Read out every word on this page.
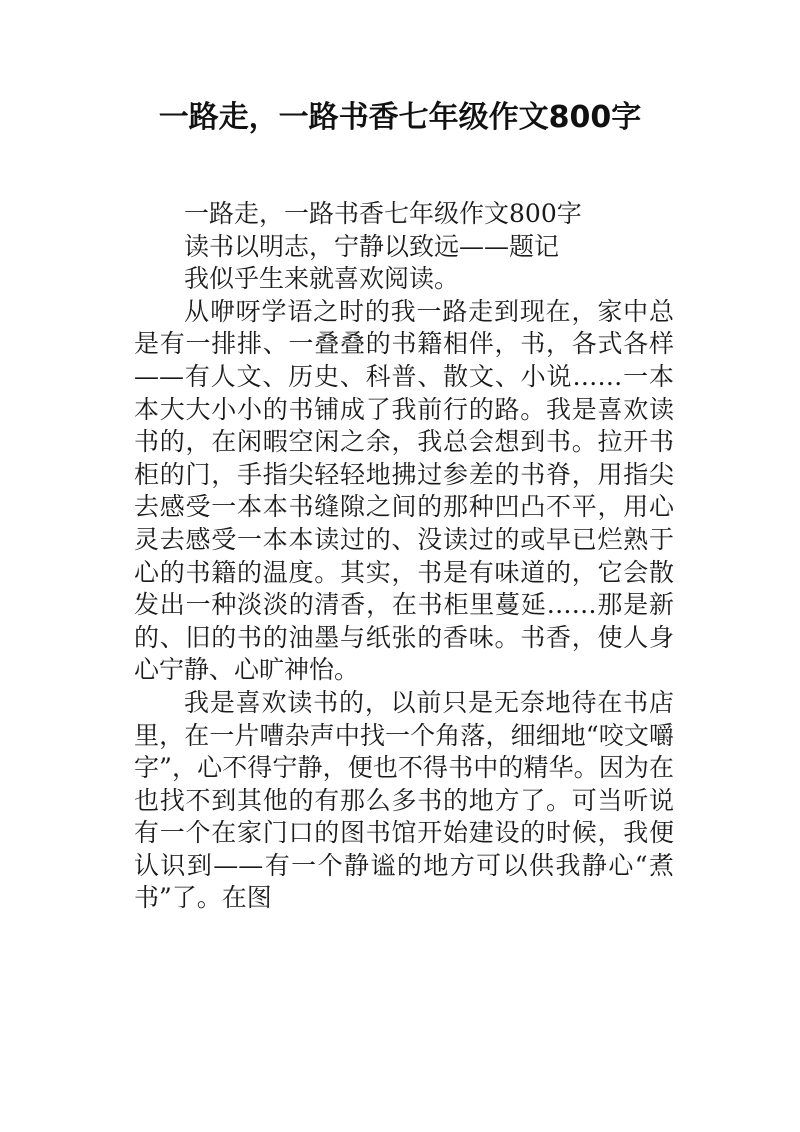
一路走，一路书香七年级作文800字

一路走，一路书香七年级作文800字

读书以明志，宁静以致远——题记

我似乎生来就喜欢阅读。

从咿呀学语之时的我一路走到现在，家中总是有一排排、一叠叠的书籍相伴，书，各式各样——有人文、历史、科普、散文、小说……一本本大大小小的书铺成了我前行的路。我是喜欢读书的，在闲暇空闲之余，我总会想到书。拉开书柜的门，手指尖轻轻地拂过参差的书脊，用指尖去感受一本本书缝隙之间的那种凹凸不平，用心灵去感受一本本读过的、没读过的或早已烂熟于心的书籍的温度。其实，书是有味道的，它会散发出一种淡淡的清香，在书柜里蔓延……那是新的、旧的书的油墨与纸张的香味。书香，使人身心宁静、心旷神怡。

我是喜欢读书的，以前只是无奈地待在书店里，在一片嘈杂声中找一个角落，细细地“咬文嚼字”，心不得宁静，便也不得书中的精华。因为在也找不到其他的有那么多书的地方了。可当听说有一个在家门口的图书馆开始建设的时候，我便认识到——有一个静谧的地方可以供我静心“煮书”了。在图
